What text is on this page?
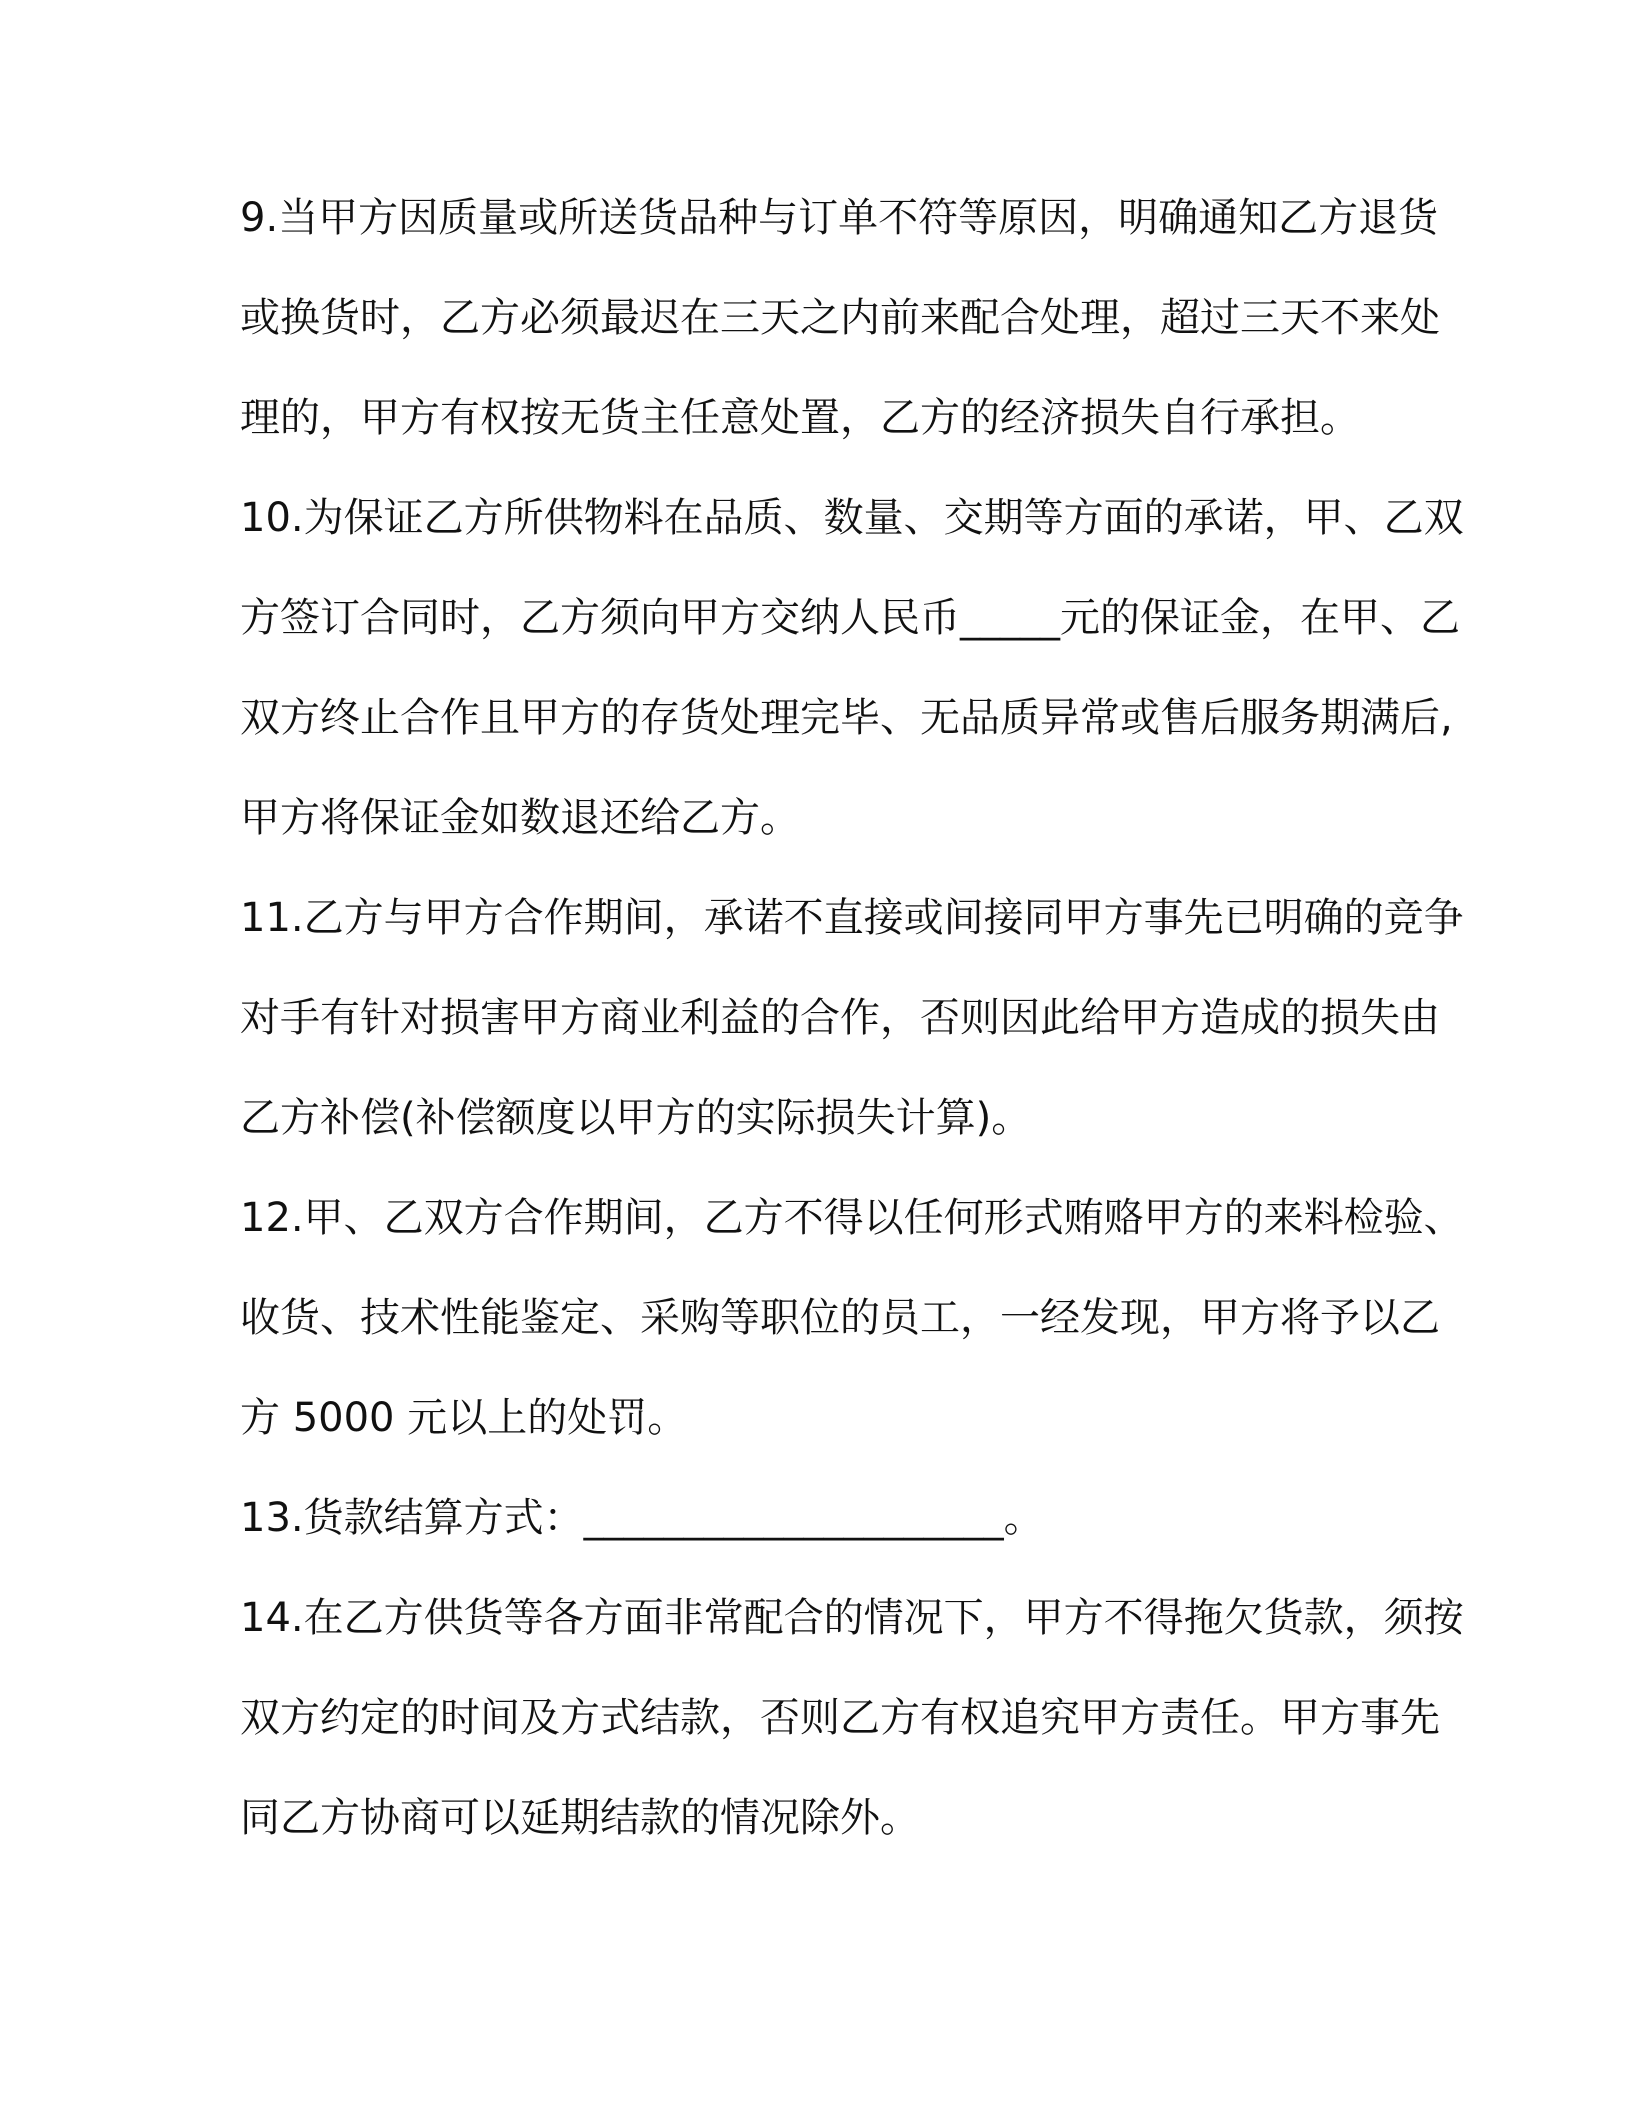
9.当甲方因质量或所送货品种与订单不符等原因，明确通知乙方退货
或换货时，乙方必须最迟在三天之内前来配合处理，超过三天不来处
理的，甲方有权按无货主任意处置，乙方的经济损失自行承担。
10.为保证乙方所供物料在品质、数量、交期等方面的承诺，甲、乙双
方签订合同时，乙方须向甲方交纳人民币_____元的保证金，在甲、乙
双方终止合作且甲方的存货处理完毕、无品质异常或售后服务期满后,
甲方将保证金如数退还给乙方。
11.乙方与甲方合作期间，承诺不直接或间接同甲方事先已明确的竞争
对手有针对损害甲方商业利益的合作，否则因此给甲方造成的损失由
乙方补偿(补偿额度以甲方的实际损失计算)。
12.甲、乙双方合作期间，乙方不得以任何形式贿赂甲方的来料检验、
收货、技术性能鉴定、采购等职位的员工，一经发现，甲方将予以乙
方 5000 元以上的处罚。
13.货款结算方式：_____________________。
14.在乙方供货等各方面非常配合的情况下，甲方不得拖欠货款，须按
双方约定的时间及方式结款，否则乙方有权追究甲方责任。甲方事先
同乙方协商可以延期结款的情况除外。
